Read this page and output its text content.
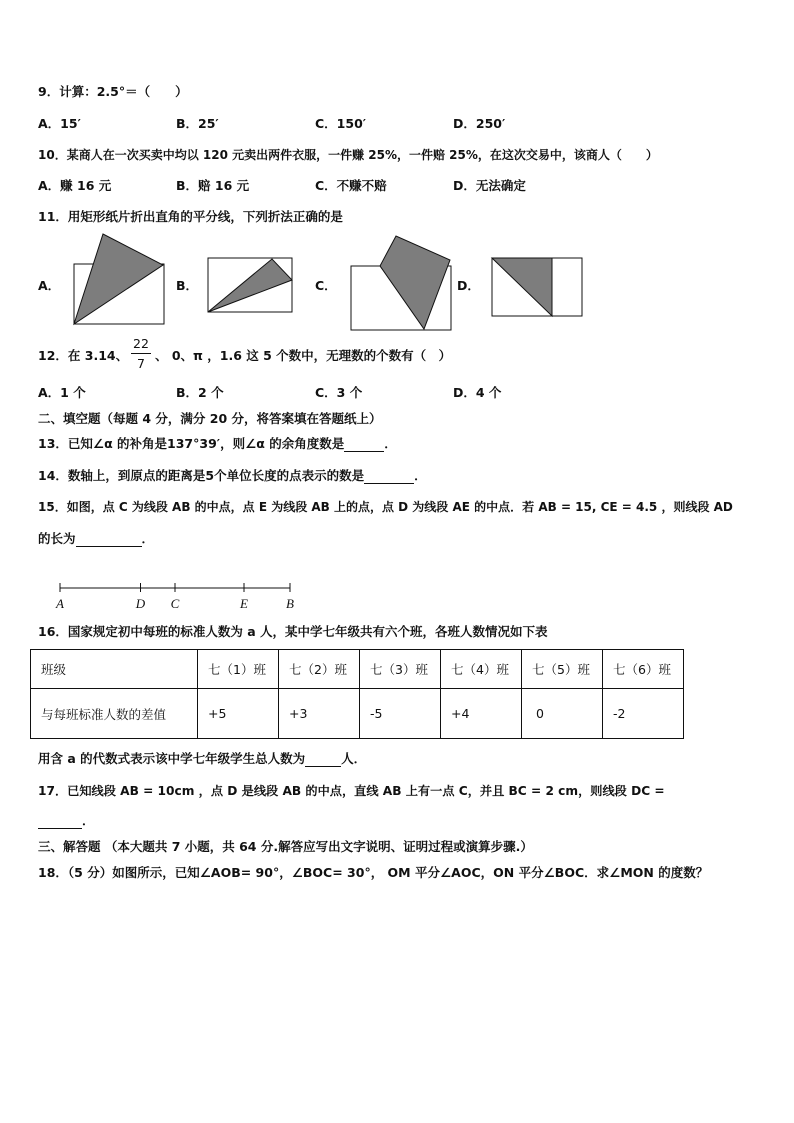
9．计算：2.5°＝（　　）
A．15′	B．25′	C．150′	D．250′
10．某商人在一次买卖中均以 120 元卖出两件衣服，一件赚 25%，一件赔 25%，在这次交易中，该商人（　　）
A．赚 16 元	B．赔 16 元	C．不赚不赔	D．无法确定
11．用矩形纸片折出直角的平分线，下列折法正确的是
A．	B．	C．	D．
12．在 3.14、
22
7
、 0、π ，1.6 这 5 个数中，无理数的个数有（　）
A．1 个	B．2 个	C．3 个	D．4 个
二、填空题（每题 4 分，满分 20 分，将答案填在答题纸上）
13．已知∠α 的补角是137°39′，则∠α 的余角度数是	．
14．数轴上，到原点的距离是5个单位长度的点表示的数是	．
15．如图，点 C 为线段 AB 的中点，点 E 为线段 AB 上的点，点 D 为线段 AE 的中点．若 AB = 15, CE = 4.5 ，则线段 AD
的长为	．
A	D C	E	B
16．国家规定初中每班的标准人数为 a 人，某中学七年级共有六个班，各班人数情况如下表
班级	七（1）班	七（2）班	七（3）班	七（4）班	七（5）班	七（6）班
与每班标准人数的差值	+5	+3	-5	+4	0	-2
用含 a 的代数式表示该中学七年级学生总人数为	人．
17．已知线段 AB = 10cm ，点 D 是线段 AB 的中点，直线 AB 上有一点 C，并且 BC = 2 cm，则线段 DC =
．
三、解答题 （本大题共 7 小题，共 64 分.解答应写出文字说明、证明过程或演算步骤.）
18．（5 分）如图所示，已知∠AOB= 90°，∠BOC= 30°， OM 平分∠AOC，ON 平分∠BOC．求∠MON 的度数？
